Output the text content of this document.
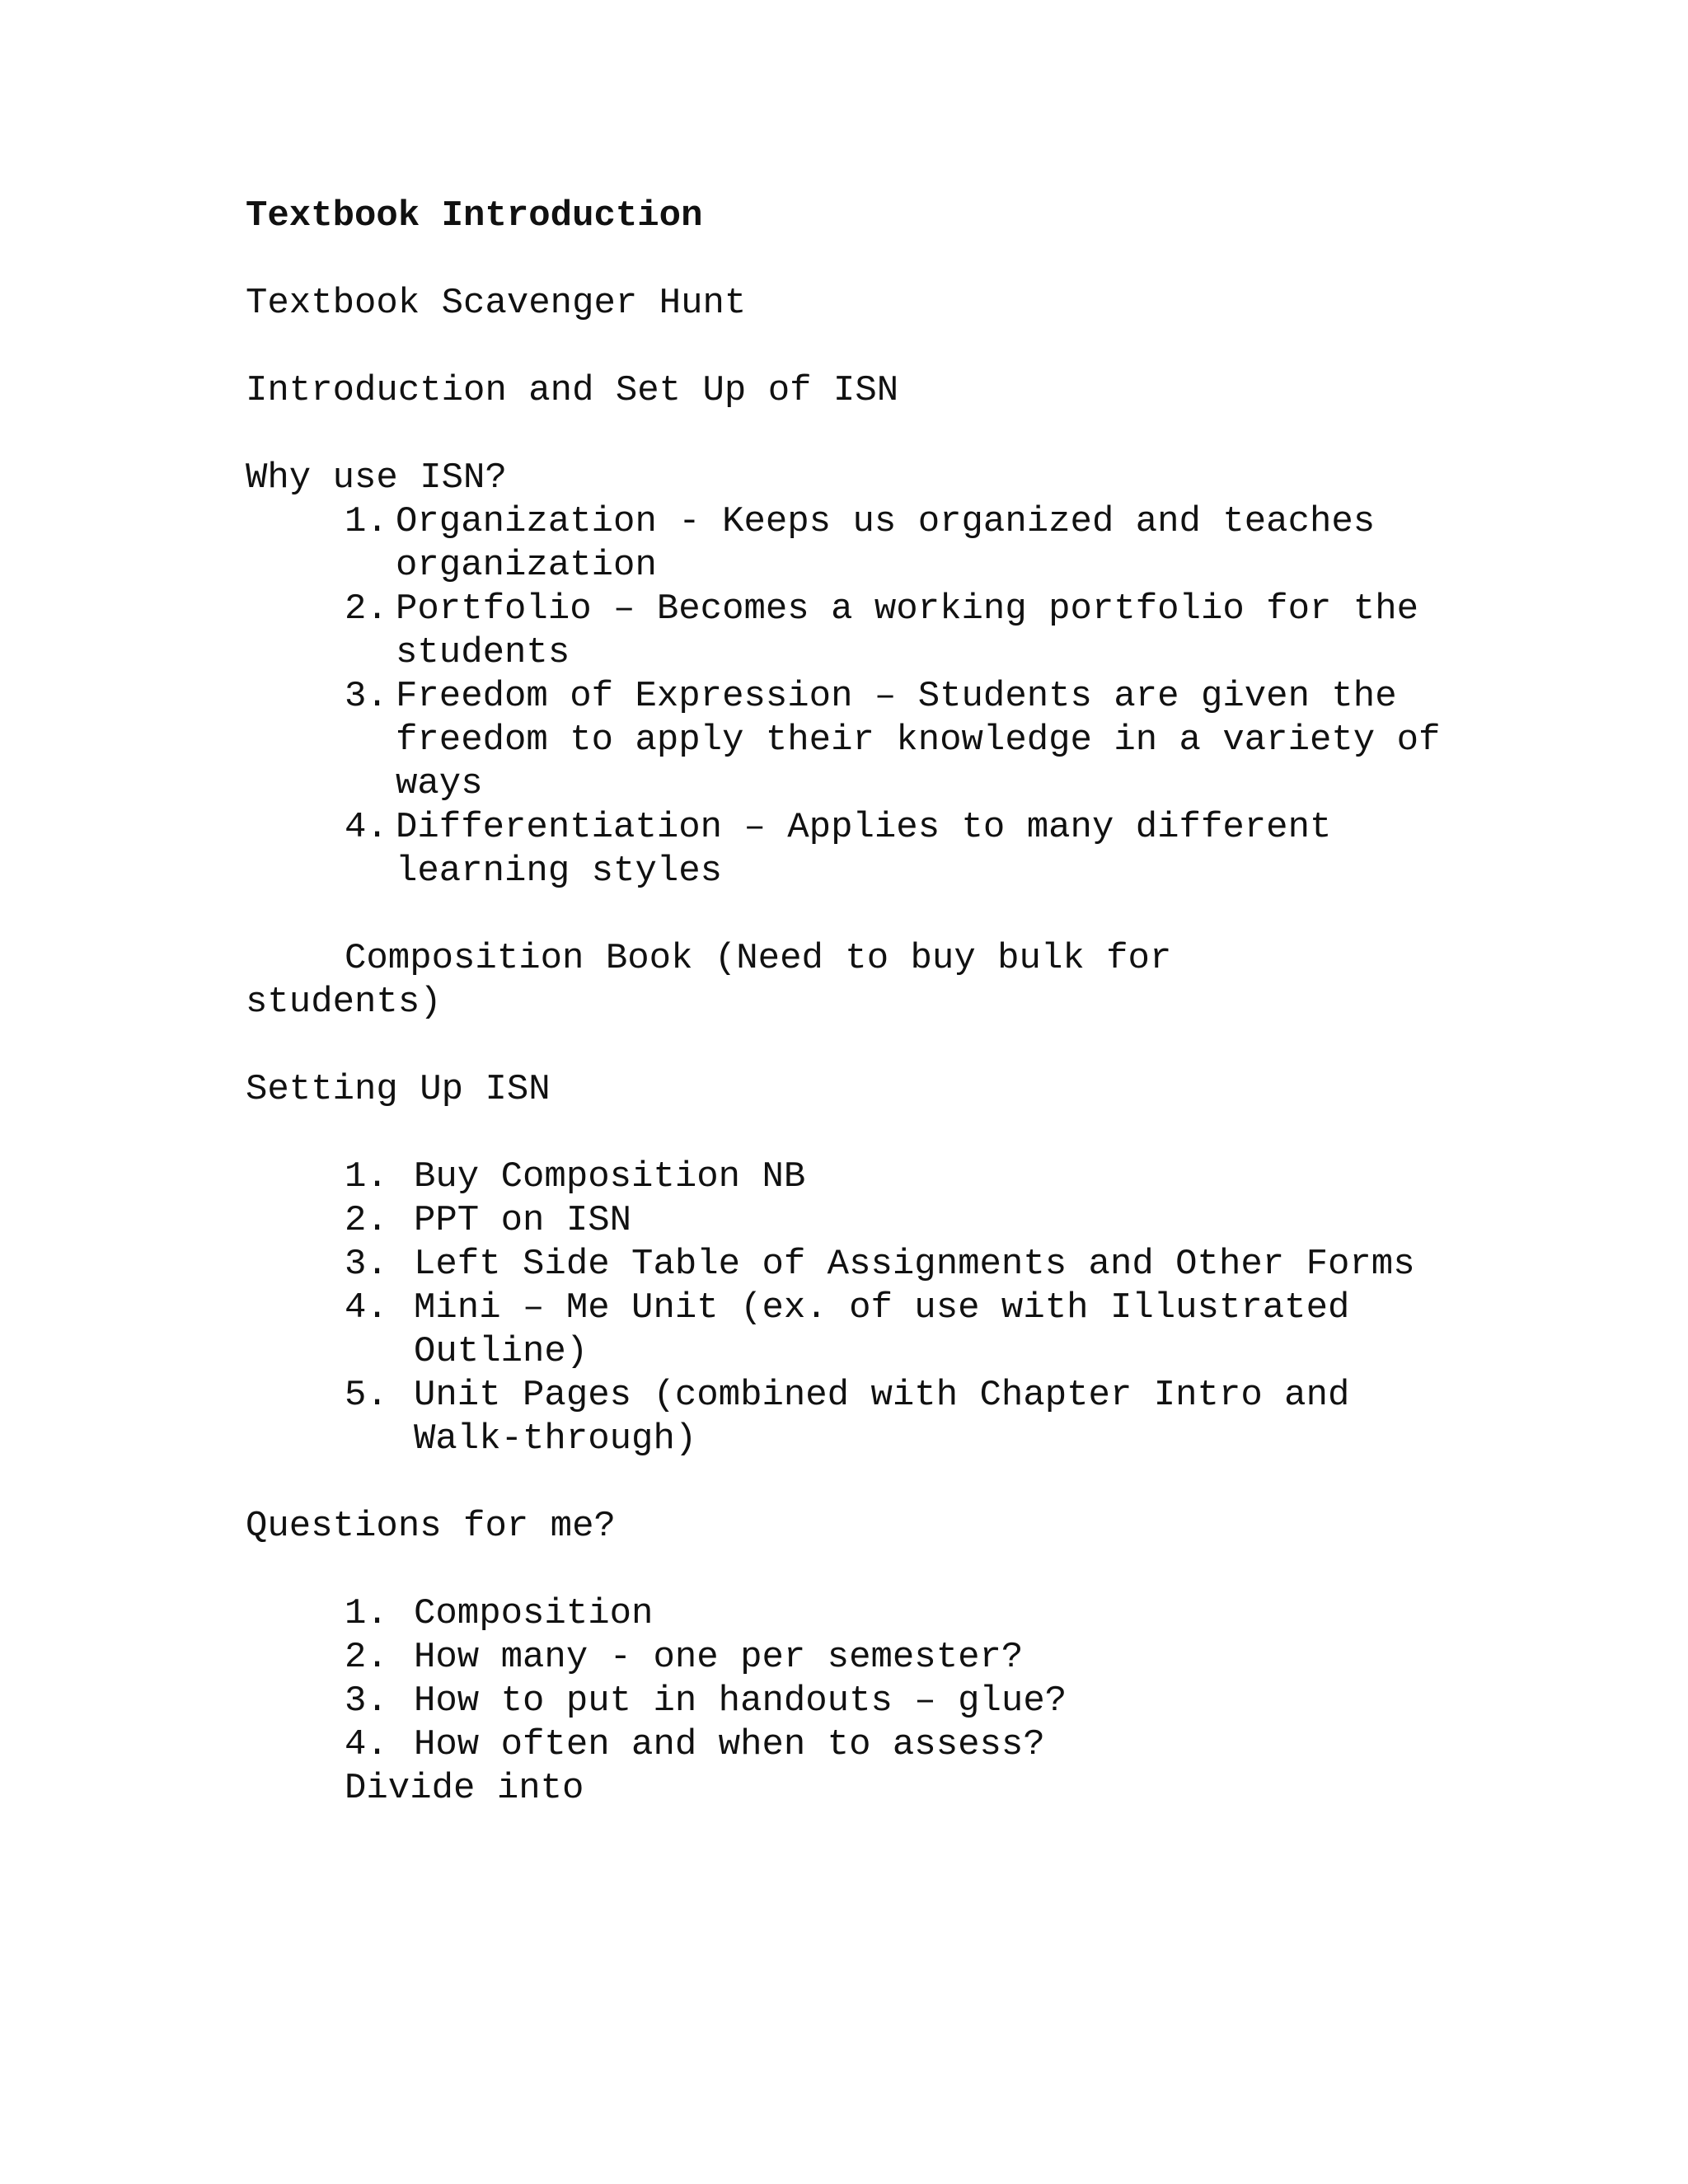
Textbook Introduction

Textbook Scavenger Hunt

Introduction and Set Up of ISN

Why use ISN?

1. Organization - Keeps us organized and teaches organization
2. Portfolio – Becomes a working portfolio for the students
3. Freedom of Expression – Students are given the freedom to apply their knowledge in a variety of ways
4. Differentiation – Applies to many different learning styles

Composition Book (Need to buy bulk for

students)

Setting Up ISN

1. Buy Composition NB
2. PPT on ISN
3. Left Side Table of Assignments and Other Forms
4. Mini – Me Unit (ex. of use with Illustrated Outline)
5. Unit Pages (combined with Chapter Intro and Walk-through)

Questions for me?

1. Composition
2. How many - one per semester?
3. How to put in handouts – glue?
4. How often and when to assess?

Divide into
